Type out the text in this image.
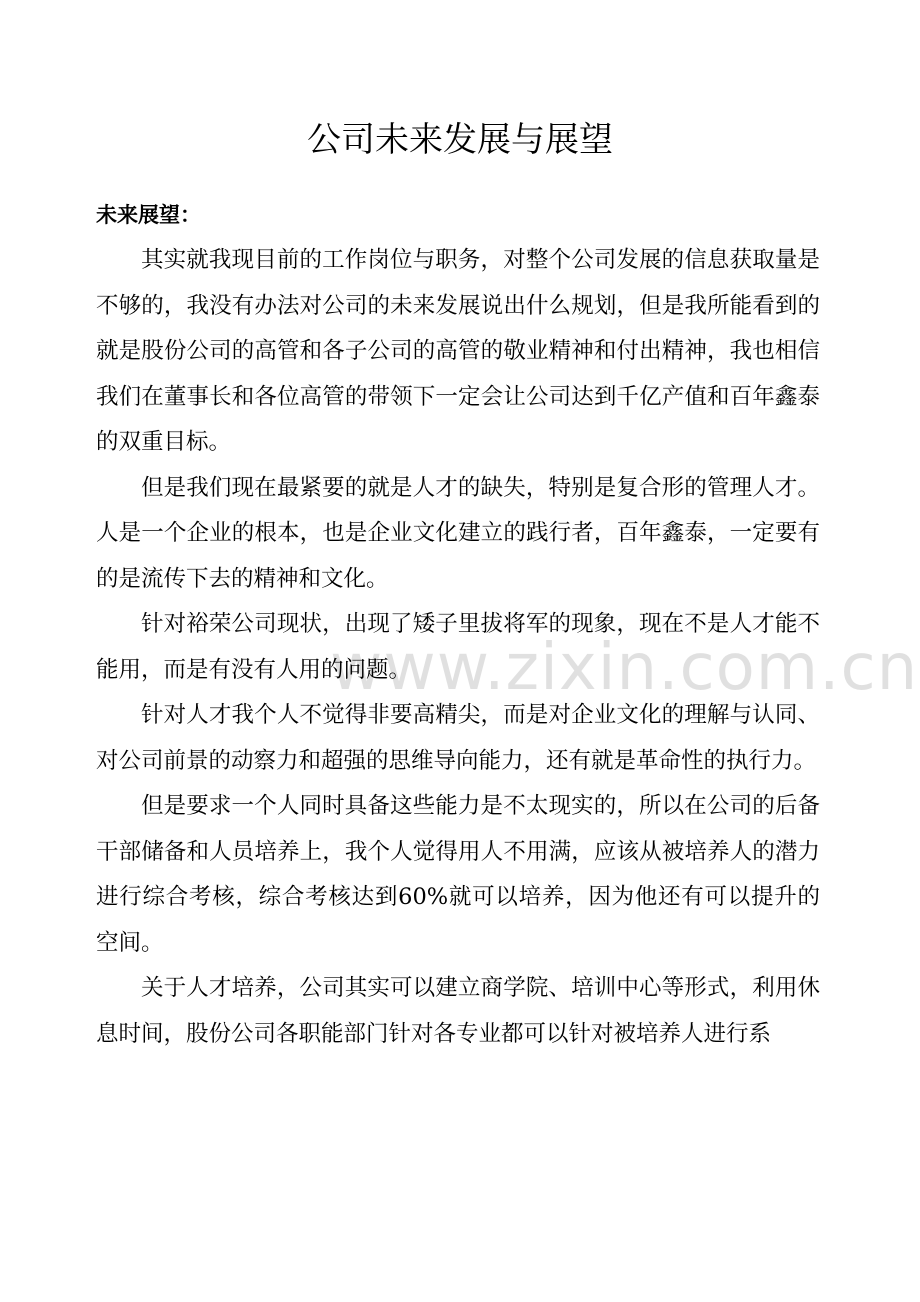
公司未来发展与展望
未来展望：

其实就我现目前的工作岗位与职务，对整个公司发展的信息获取量是不够的，我没有办法对公司的未来发展说出什么规划，但是我所能看到的就是股份公司的高管和各子公司的高管的敬业精神和付出精神，我也相信我们在董事长和各位高管的带领下一定会让公司达到千亿产值和百年鑫泰的双重目标。

但是我们现在最紧要的就是人才的缺失，特别是复合形的管理人才。人是一个企业的根本，也是企业文化建立的践行者，百年鑫泰，一定要有的是流传下去的精神和文化。

针对裕荣公司现状，出现了矮子里拔将军的现象，现在不是人才能不能用，而是有没有人用的问题。

针对人才我个人不觉得非要高精尖，而是对企业文化的理解与认同、对公司前景的动察力和超强的思维导向能力，还有就是革命性的执行力。

但是要求一个人同时具备这些能力是不太现实的，所以在公司的后备干部储备和人员培养上，我个人觉得用人不用满，应该从被培养人的潜力进行综合考核，综合考核达到60%就可以培养，因为他还有可以提升的空间。

关于人才培养，公司其实可以建立商学院、培训中心等形式，利用休息时间，股份公司各职能部门针对各专业都可以针对被培养人进行系

www.zixin.com.cn
